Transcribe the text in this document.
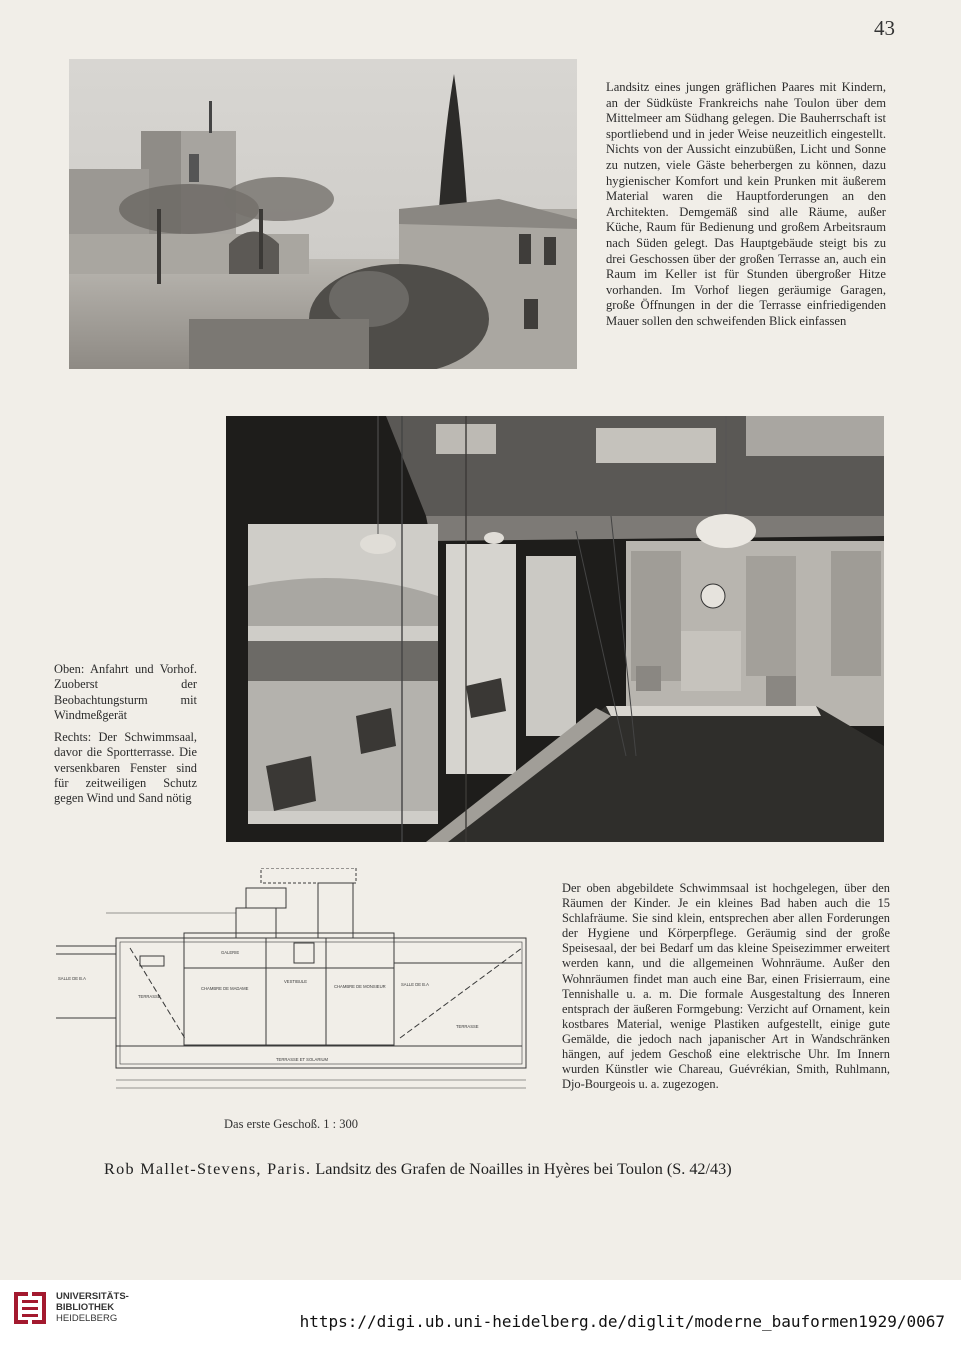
43

Landsitz eines jungen gräflichen Paares mit Kindern, an der Südküste Frankreichs nahe Toulon über dem Mittelmeer am Südhang gelegen. Die Bauherrschaft ist sportliebend und in jeder Weise neuzeitlich eingestellt. Nichts von der Aussicht einzubüßen, Licht und Sonne zu nutzen, viele Gäste beherbergen zu können, dazu hygienischer Komfort und kein Prunken mit äußerem Material waren die Hauptforderungen an den Architekten. Demgemäß sind alle Räume, außer Küche, Raum für Bedienung und großem Arbeitsraum nach Süden gelegt. Das Hauptgebäude steigt bis zu drei Geschossen über der großen Terrasse an, auch ein Raum im Keller ist für Stunden übergroßer Hitze vorhanden. Im Vorhof liegen geräumige Garagen, große Öffnungen in der die Terrasse einfriedigenden Mauer sollen den schweifenden Blick einfassen

Oben: Anfahrt und Vorhof. Zuoberst der Beobachtungsturm mit Windmeßgerät

Rechts: Der Schwimmsaal, davor die Sportterrasse. Die versenkbaren Fenster sind für zeitweiligen Schutz gegen Wind und Sand nötig

SALLE DE B.A
TERRASSE
GALERIE
CHAMBRE DE MADAME
VESTIBULE
CHAMBRE DE MONSIEUR	SALLE DE B.A
TERRASSE
TERRASSE ET SOLARIUM
Das erste Geschoß. 1 : 300

Der oben abgebildete Schwimmsaal ist hochgelegen, über den Räumen der Kinder. Je ein kleines Bad haben auch die 15 Schlafräume. Sie sind klein, entsprechen aber allen Forderungen der Hygiene und Körperpflege. Geräumig sind der große Speisesaal, der bei Bedarf um das kleine Speisezimmer erweitert werden kann, und die allgemeinen Wohnräume. Außer den Wohnräumen findet man auch eine Bar, einen Frisierraum, eine Tennishalle u. a. m. Die formale Ausgestaltung des Inneren entsprach der äußeren Formgebung: Verzicht auf Ornament, kein kostbares Material, wenige Plastiken aufgestellt, einige gute Gemälde, die jedoch nach japanischer Art in Wandschränken hängen, auf jedem Geschoß eine elektrische Uhr. Im Innern wurden Künstler wie Chareau, Guévrékian, Smith, Ruhlmann, Djo-Bourgeois u. a. zugezogen.

Rob Mallet-Stevens, Paris. Landsitz des Grafen de Noailles in Hyères bei Toulon (S. 42/43)
UNIVERSITÄTS-
BIBLIOTHEK
HEIDELBERG	https://digi.ub.uni-heidelberg.de/diglit/moderne_bauformen1929/0067
